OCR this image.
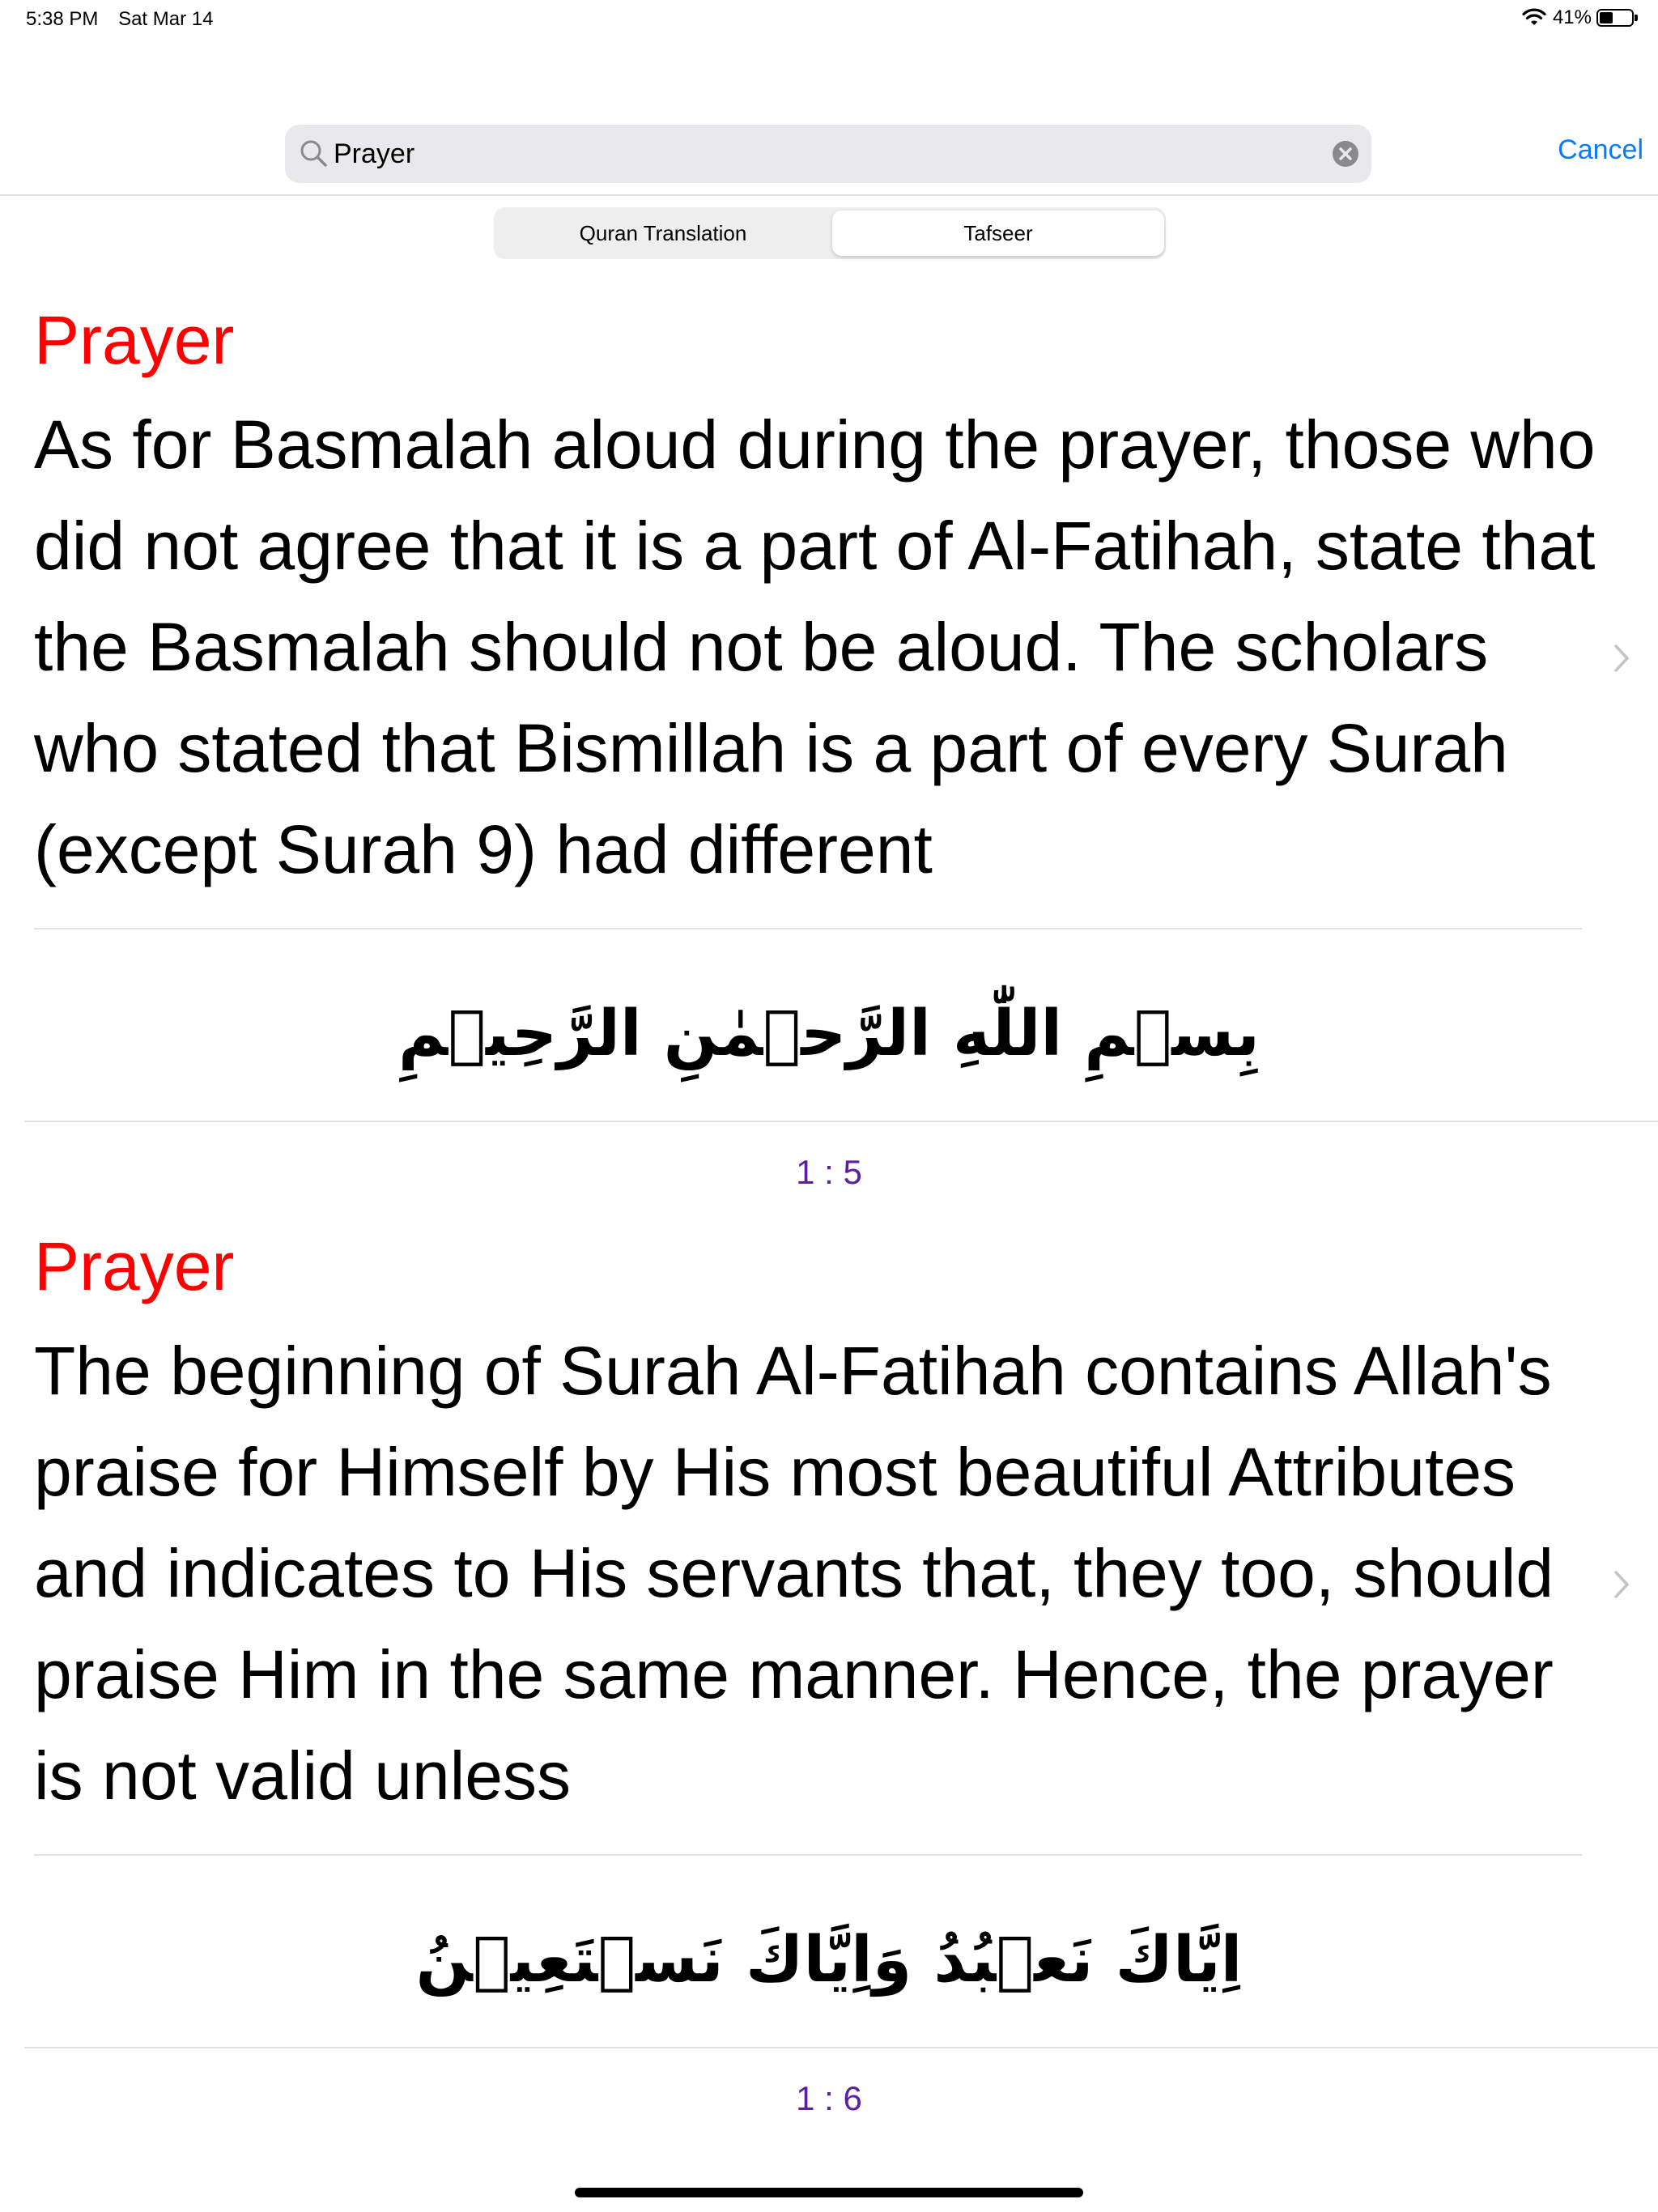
5:38 PM Sat Mar 14	41%
Prayer
Cancel
Quran Translation	Tafseer
Prayer
As for Basmalah aloud during the prayer, those who did not agree that it is a part of Al-Fatihah, state that the Basmalah should not be aloud. The scholars who stated that Bismillah is a part of every Surah (except Surah 9) had different
بِسۡمِ اللّٰهِ الرَّحۡمٰنِ الرَّحِيۡمِ
1 : 5
Prayer
The beginning of Surah Al-Fatihah contains Allah's praise for Himself by His most beautiful Attributes and indicates to His servants that, they too, should praise Him in the same manner. Hence, the prayer is not valid unless
اِيَّاكَ نَعۡبُدُ وَاِيَّاكَ نَسۡتَعِيۡنُ
1 : 6
